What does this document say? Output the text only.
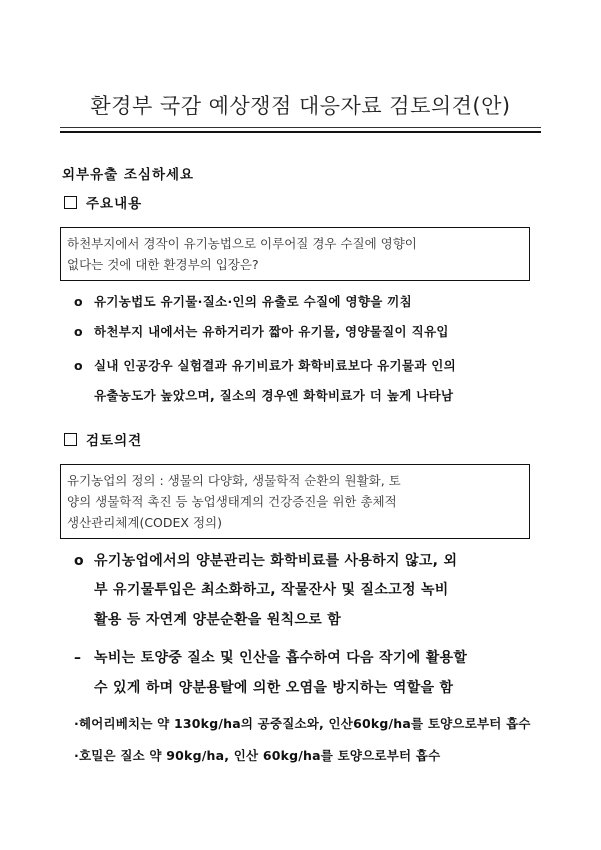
환경부 국감 예상쟁점 대응자료 검토의견(안)
외부유출 조심하세요
주요내용
하천부지에서 경작이 유기농법으로 이루어질 경우 수질에 영향이
없다는 것에 대한 환경부의 입장은?
o 유기농법도 유기물·질소·인의 유출로 수질에 영향을 끼침
o 하천부지 내에서는 유하거리가 짧아 유기물, 영양물질이 직유입
o 실내 인공강우 실험결과 유기비료가 화학비료보다 유기물과 인의
유출농도가 높았으며, 질소의 경우엔 화학비료가 더 높게 나타남
검토의견
유기농업의 정의 : 생물의 다양화, 생물학적 순환의 원활화, 토
양의 생물학적 촉진 등 농업생태계의 건강증진을 위한 총체적
생산관리체계(CODEX 정의)
o 유기농업에서의 양분관리는 화학비료를 사용하지 않고, 외
부 유기물투입은 최소화하고, 작물잔사 및 질소고정 녹비
활용 등 자연계 양분순환을 원칙으로 함
– 녹비는 토양중 질소 및 인산을 흡수하여 다음 작기에 활용할
수 있게 하며 양분용탈에 의한 오염을 방지하는 역할을 함
·헤어리베치는 약 130kg/ha의 공중질소와, 인산60kg/ha를 토양으로부터 흡수
·호밀은 질소 약 90kg/ha, 인산 60kg/ha를 토양으로부터 흡수
